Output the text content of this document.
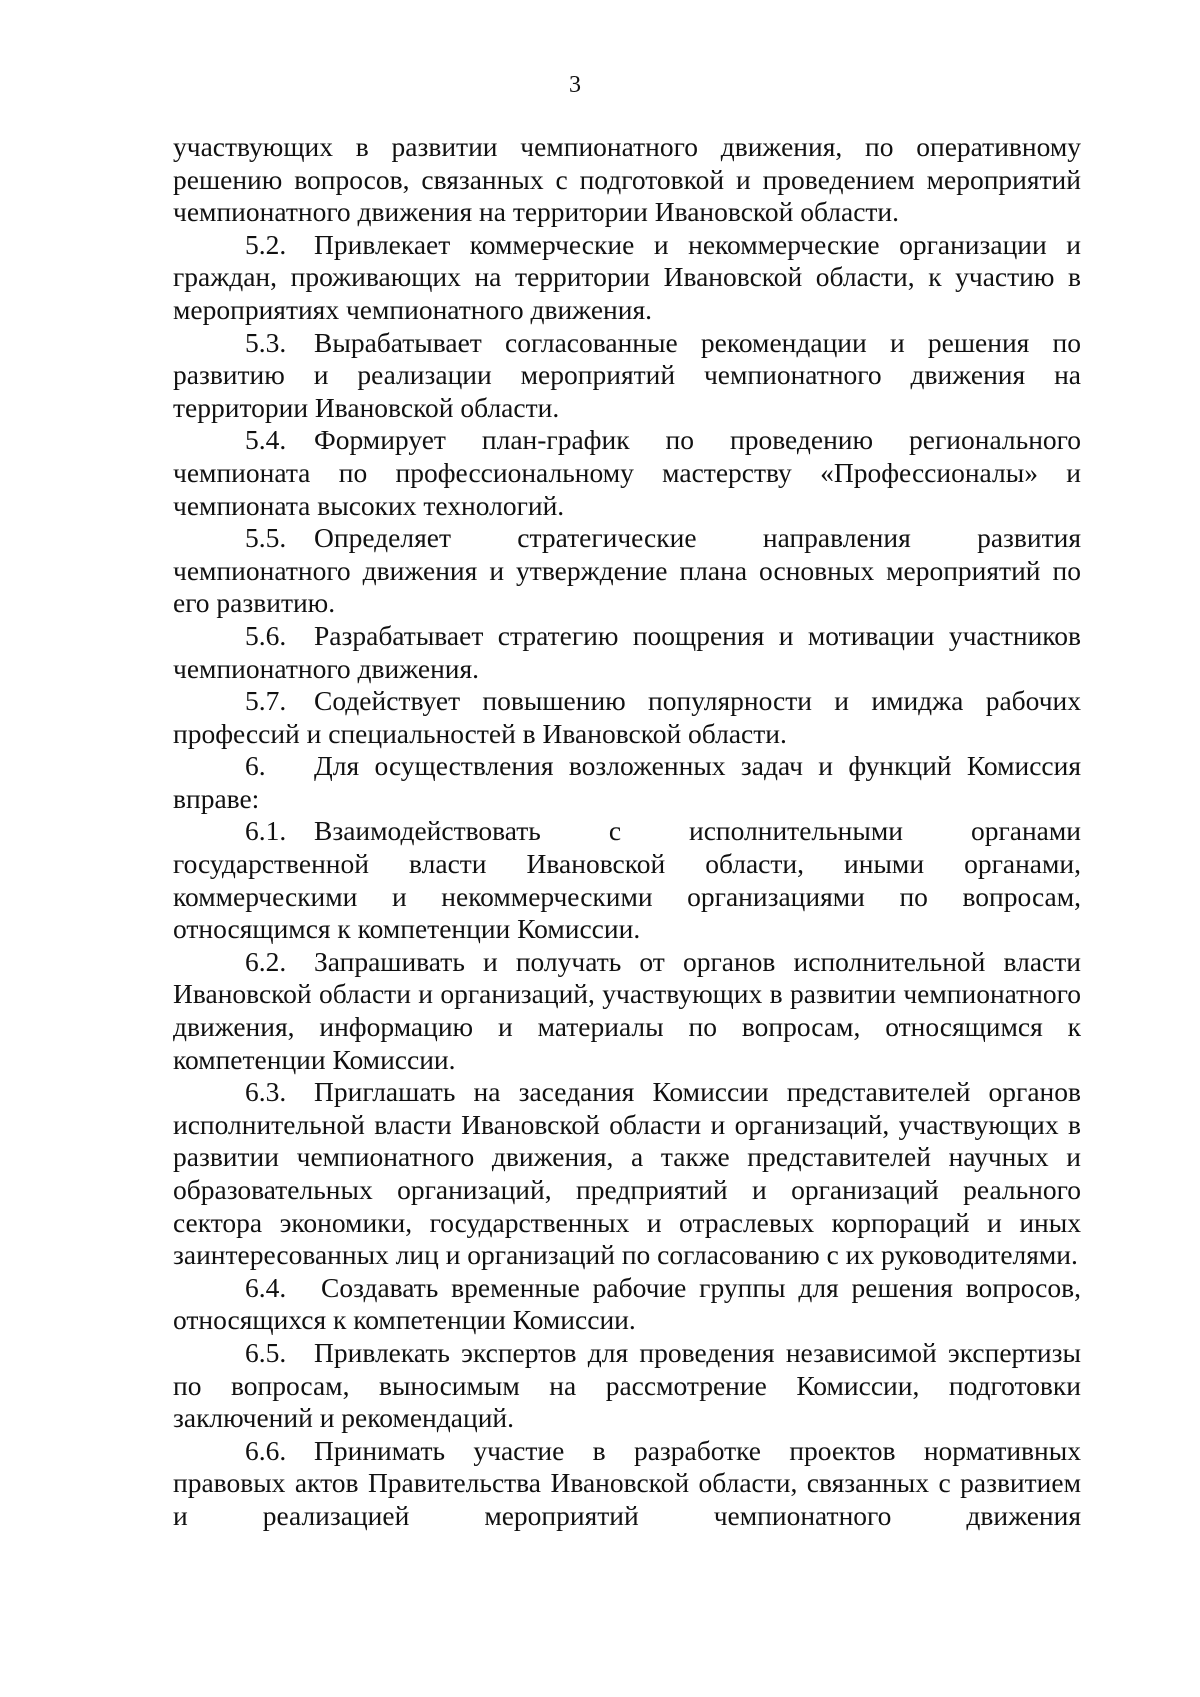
3

участвующих в развитии чемпионатного движения, по оперативному решению вопросов, связанных с подготовкой и проведением мероприятий чемпионатного движения на территории Ивановской области.

5.2. Привлекает коммерческие и некоммерческие организации и граждан, проживающих на территории Ивановской области, к участию в мероприятиях чемпионатного движения.

5.3. Вырабатывает согласованные рекомендации и решения по развитию и реализации мероприятий чемпионатного движения на территории Ивановской области.

5.4. Формирует план-график по проведению регионального чемпионата по профессиональному мастерству «Профессионалы» и чемпионата высоких технологий.

5.5. Определяет стратегические направления развития чемпионатного движения и утверждение плана основных мероприятий по его развитию.

5.6. Разрабатывает стратегию поощрения и мотивации участников чемпионатного движения.

5.7. Содействует повышению популярности и имиджа рабочих профессий и специальностей в Ивановской области.

6. Для осуществления возложенных задач и функций Комиссия вправе:

6.1. Взаимодействовать с исполнительными органами государственной власти Ивановской области, иными органами, коммерческими и некоммерческими организациями по вопросам, относящимся к компетенции Комиссии.

6.2. Запрашивать и получать от органов исполнительной власти Ивановской области и организаций, участвующих в развитии чемпионатного движения, информацию и материалы по вопросам, относящимся к компетенции Комиссии.

6.3. Приглашать на заседания Комиссии представителей органов исполнительной власти Ивановской области и организаций, участвующих в развитии чемпионатного движения, а также представителей научных и образовательных организаций, предприятий и организаций реального сектора экономики, государственных и отраслевых корпораций и иных заинтересованных лиц и организаций по согласованию с их руководителями.

6.4. Создавать временные рабочие группы для решения вопросов, относящихся к компетенции Комиссии.

6.5. Привлекать экспертов для проведения независимой экспертизы по вопросам, выносимым на рассмотрение Комиссии, подготовки заключений и рекомендаций.

6.6. Принимать участие в разработке проектов нормативных правовых актов Правительства Ивановской области, связанных с развитием и реализацией мероприятий чемпионатного движения
